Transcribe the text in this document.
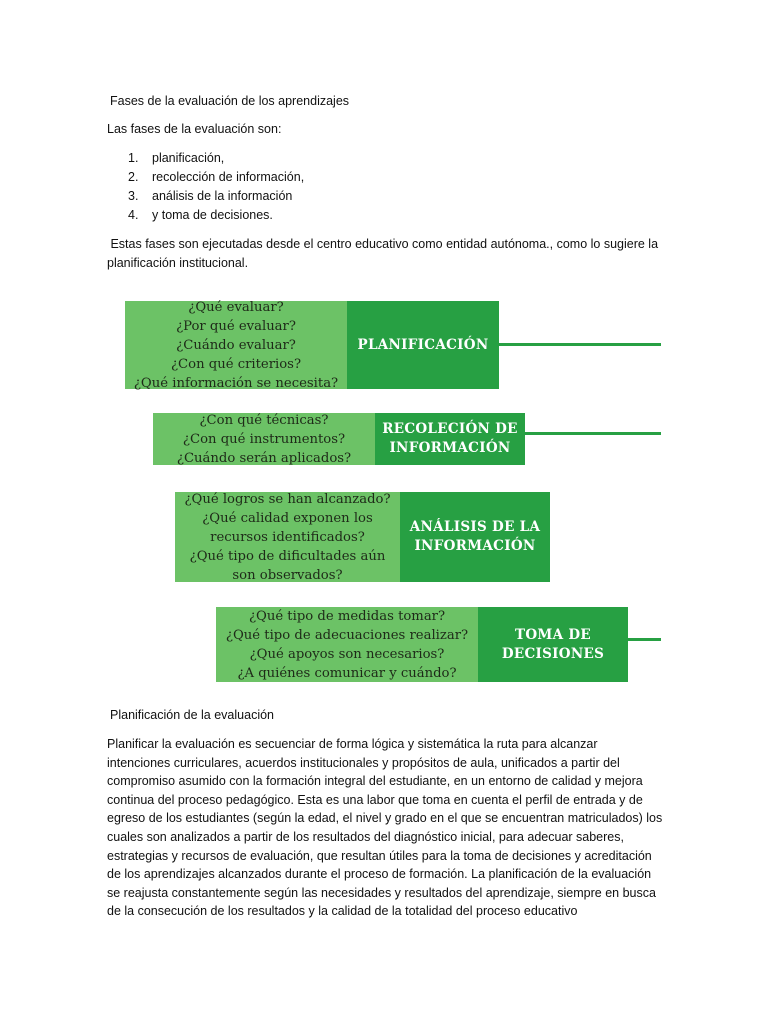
Fases de la evaluación de los aprendizajes
Las fases de la evaluación son:
1. planificación,
2. recolección de información,
3. análisis de la información
4. y toma de decisiones.

Estas fases son ejecutadas desde el centro educativo como entidad autónoma., como lo sugiere la

planificación institucional.

¿Qué evaluar?
¿Por qué evaluar?
¿Cuándo evaluar?
¿Con qué criterios?
¿Qué información se necesita?
PLANIFICACIÓN
¿Con qué técnicas?
¿Con qué instrumentos?
¿Cuándo serán aplicados?
RECOLECIÓN DE
INFORMACIÓN
¿Qué logros se han alcanzado?
¿Qué calidad exponen los
recursos identificados?
¿Qué tipo de dificultades aún
son observados?
ANÁLISIS DE LA
INFORMACIÓN
¿Qué tipo de medidas tomar?
¿Qué tipo de adecuaciones realizar?
¿Qué apoyos son necesarios?
¿A quiénes comunicar y cuándo?
TOMA DE
DECISIONES
Planificación de la evaluación

Planificar la evaluación es secuenciar de forma lógica y sistemática la ruta para alcanzar

intenciones curriculares, acuerdos institucionales y propósitos de aula, unificados a partir del

compromiso asumido con la formación integral del estudiante, en un entorno de calidad y mejora

continua del proceso pedagógico. Esta es una labor que toma en cuenta el perfil de entrada y de

egreso de los estudiantes (según la edad, el nivel y grado en el que se encuentran matriculados) los

cuales son analizados a partir de los resultados del diagnóstico inicial, para adecuar saberes,

estrategias y recursos de evaluación, que resultan útiles para la toma de decisiones y acreditación

de los aprendizajes alcanzados durante el proceso de formación. La planificación de la evaluación

se reajusta constantemente según las necesidades y resultados del aprendizaje, siempre en busca

de la consecución de los resultados y la calidad de la totalidad del proceso educativo
